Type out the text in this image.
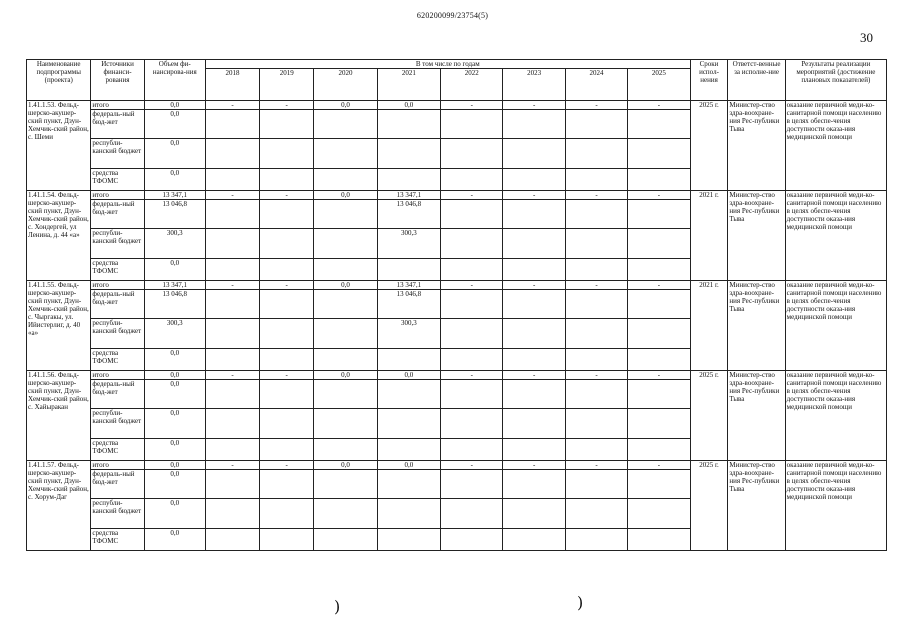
620200099/23754(5)
30
Наименование подпрограммы (проекта)	Источники финанси-рования	Объем фи-нансирова-ния	В том числе по годам								Сроки испол-нения	Ответст-венные за исполне-ние	Результаты реализации мероприятий (достижение плановых показателей)
			2018	2019	2020	2021	2022	2023	2024	2025			
1.41.1.53. Фельд-шерско-акушер-ский пункт, Дзун-Хемчик-ский район, с. Шеми	итого	0,0	-	-	0,0	0,0	-	-	-	-	2025 г.	Министер-ство здра-воохране-ния Рес-публики Тыва	оказание первичной меди-ко-санитарной помощи населению в целях обеспе-чения доступности оказа-ния медицинской помощи
	федераль-ный бюд-жет	0,0											
	республи-канский бюджет	0,0											
	средства ТФОМС	0,0											
1.41.1.54. Фельд-шерско-акушер-ский пункт, Дзун-Хемчик-ский район, с. Хондергей, ул Ленина, д. 44 «а»	итого	13 347,1	-	-	0,0	13 347,1	-	-	-	-	2021 г.	Министер-ство здра-воохране-ния Рес-публики Тыва	оказание первичной меди-ко-санитарной помощи населению в целях обеспе-чения доступности оказа-ния медицинской помощи
	федераль-ный бюд-жет	13 046,8				13 046,8							
	республи-канский бюджет	300,3				300,3							
	средства ТФОМС	0,0											
1.41.1.55. Фельд-шерско-акушер-ский пункт, Дзун-Хемчик-ский район, с. Чыргакы, ул. Ийистерлиг, д. 40 «а»	итого	13 347,1	-	-	0,0	13 347,1	-	-	-	-	2021 г.	Министер-ство здра-воохране-ния Рес-публики Тыва	оказание первичной меди-ко-санитарной помощи населению в целях обеспе-чения доступности оказа-ния медицинской помощи
	федераль-ный бюд-жет	13 046,8				13 046,8							
	республи-канский бюджет	300,3				300,3							
	средства ТФОМС	0,0											
1.41.1.56. Фельд-шерско-акушер-ский пункт, Дзун-Хемчик-ский район, с. Хайыракан	итого	0,0	-	-	0,0	0,0	-	-	-	-	2025 г.	Министер-ство здра-воохране-ния Рес-публики Тыва	оказание первичной меди-ко-санитарной помощи населению в целях обеспе-чения доступности оказа-ния медицинской помощи
	федераль-ный бюд-жет	0,0											
	республи-канский бюджет	0,0											
	средства ТФОМС	0,0											
1.41.1.57. Фельд-шерско-акушер-ский пункт, Дзун-Хемчик-ский район, с. Хорум-Даг	итого	0,0	-	-	0,0	0,0	-	-	-	-	2025 г.	Министер-ство здра-воохране-ния Рес-публики Тыва	оказание первичной меди-ко-санитарной помощи населению в целях обеспе-чения доступности оказа-ния медицинской помощи
	федераль-ный бюд-жет	0,0											
	республи-канский бюджет	0,0											
	средства ТФОМС	0,0											
)	)
